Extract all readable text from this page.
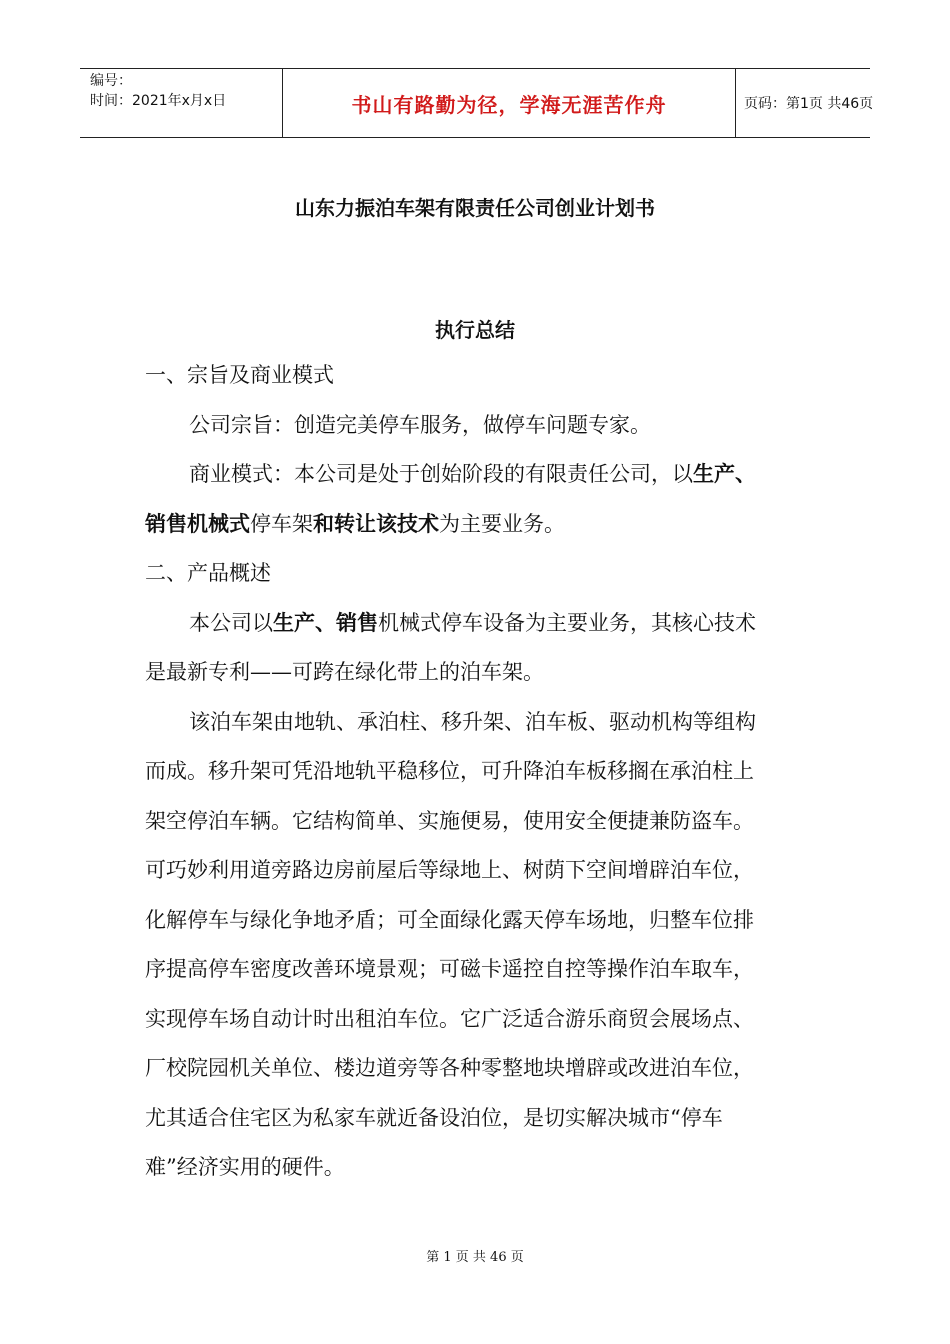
编号：
时间：2021年x月x日	书山有路勤为径，学海无涯苦作舟	页码：第1页 共46页
山东力振泊车架有限责任公司创业计划书
执行总结
一、宗旨及商业模式
公司宗旨：创造完美停车服务，做停车问题专家。
商业模式：本公司是处于创始阶段的有限责任公司，以生产、
销售机械式停车架和转让该技术为主要业务。
二、产品概述
本公司以生产、销售机械式停车设备为主要业务，其核心技术
是最新专利——可跨在绿化带上的泊车架。
该泊车架由地轨、承泊柱、移升架、泊车板、驱动机构等组构
而成。移升架可凭沿地轨平稳移位，可升降泊车板移搁在承泊柱上
架空停泊车辆。它结构简单、实施便易，使用安全便捷兼防盗车。
可巧妙利用道旁路边房前屋后等绿地上、树荫下空间增辟泊车位，
化解停车与绿化争地矛盾；可全面绿化露天停车场地，归整车位排
序提高停车密度改善环境景观；可磁卡遥控自控等操作泊车取车，
实现停车场自动计时出租泊车位。它广泛适合游乐商贸会展场点、
厂校院园机关单位、楼边道旁等各种零整地块增辟或改进泊车位，
尤其适合住宅区为私家车就近备设泊位，是切实解决城市“停车
难”经济实用的硬件。
第 1 页 共 46 页
